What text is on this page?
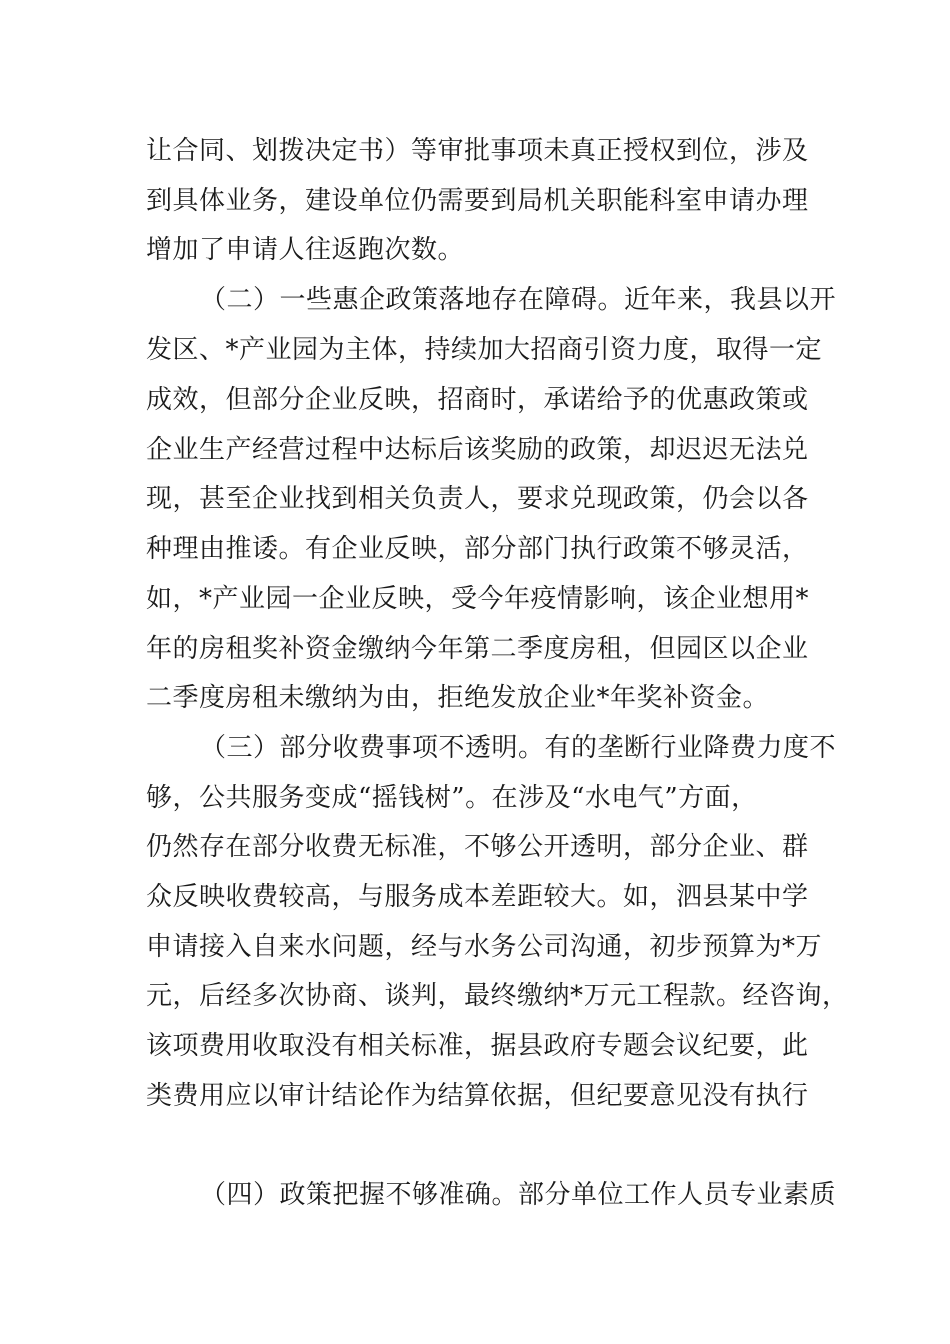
让合同、划拨决定书）等审批事项未真正授权到位，涉及
到具体业务，建设单位仍需要到局机关职能科室申请办理
增加了申请人往返跑次数。
（二）一些惠企政策落地存在障碍。近年来，我县以开
发区、*产业园为主体，持续加大招商引资力度，取得一定
成效，但部分企业反映，招商时，承诺给予的优惠政策或
企业生产经营过程中达标后该奖励的政策，却迟迟无法兑
现，甚至企业找到相关负责人，要求兑现政策，仍会以各
种理由推诿。有企业反映，部分部门执行政策不够灵活，
如，*产业园一企业反映，受今年疫情影响，该企业想用*
年的房租奖补资金缴纳今年第二季度房租，但园区以企业
二季度房租未缴纳为由，拒绝发放企业*年奖补资金。
（三）部分收费事项不透明。有的垄断行业降费力度不
够，公共服务变成“摇钱树”。在涉及“水电气”方面，
仍然存在部分收费无标准，不够公开透明，部分企业、群
众反映收费较高，与服务成本差距较大。如，泗县某中学
申请接入自来水问题，经与水务公司沟通，初步预算为*万
元，后经多次协商、谈判，最终缴纳*万元工程款。经咨询，
该项费用收取没有相关标准，据县政府专题会议纪要，此
类费用应以审计结论作为结算依据，但纪要意见没有执行
（四）政策把握不够准确。部分单位工作人员专业素质
